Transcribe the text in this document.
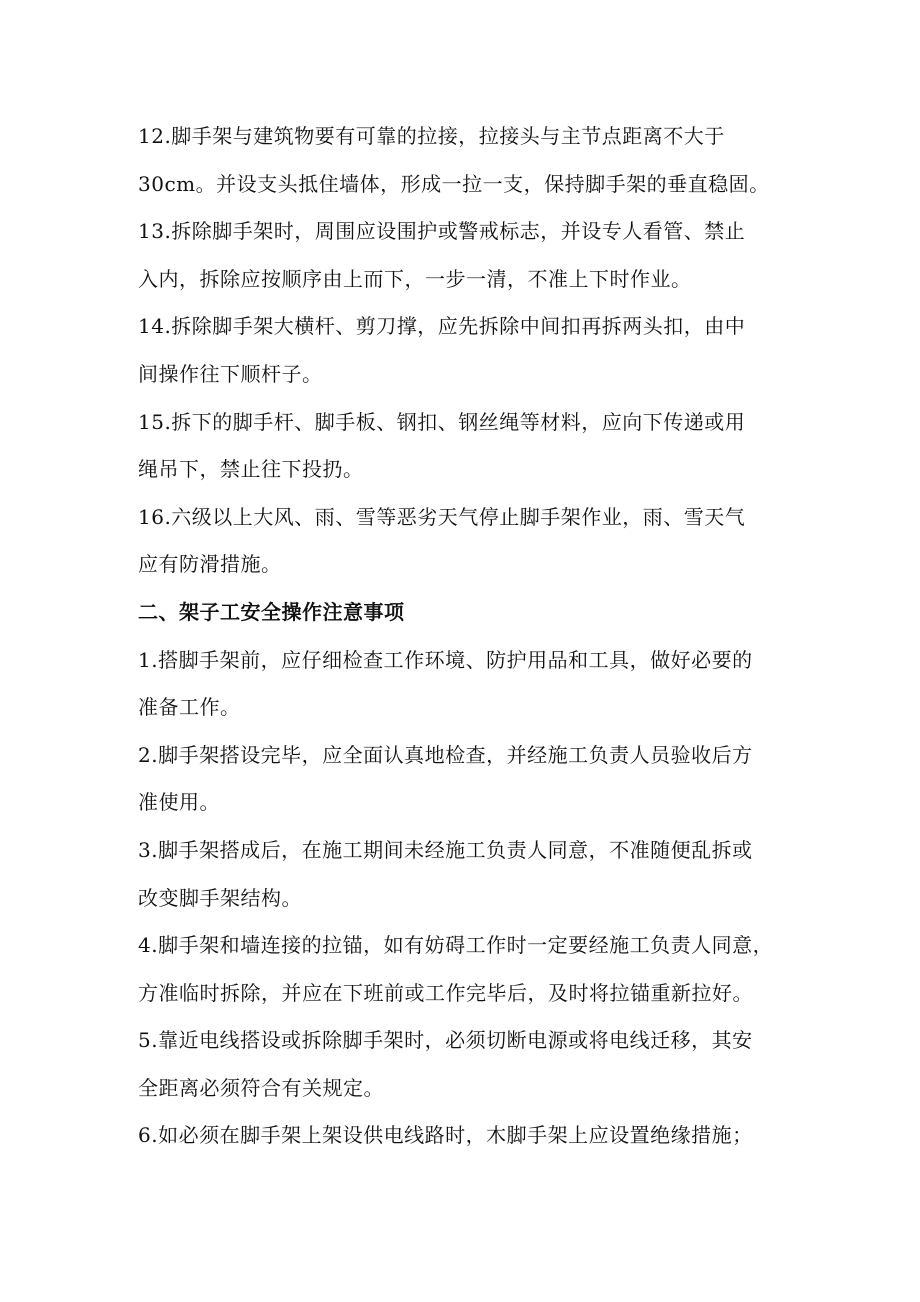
12.脚手架与建筑物要有可靠的拉接，拉接头与主节点距离不大于
30cm。并设支头抵住墙体，形成一拉一支，保持脚手架的垂直稳固。
13.拆除脚手架时，周围应设围护或警戒标志，并设专人看管、禁止
入内，拆除应按顺序由上而下，一步一清，不准上下时作业。
14.拆除脚手架大横杆、剪刀撑，应先拆除中间扣再拆两头扣，由中
间操作往下顺杆子。
15.拆下的脚手杆、脚手板、钢扣、钢丝绳等材料，应向下传递或用
绳吊下，禁止往下投扔。
16.六级以上大风、雨、雪等恶劣天气停止脚手架作业，雨、雪天气
应有防滑措施。
二、架子工安全操作注意事项
1.搭脚手架前，应仔细检查工作环境、防护用品和工具，做好必要的
准备工作。
2.脚手架搭设完毕，应全面认真地检查，并经施工负责人员验收后方
准使用。
3.脚手架搭成后，在施工期间未经施工负责人同意，不准随便乱拆或
改变脚手架结构。
4.脚手架和墙连接的拉锚，如有妨碍工作时一定要经施工负责人同意，
方准临时拆除，并应在下班前或工作完毕后，及时将拉锚重新拉好。
5.靠近电线搭设或拆除脚手架时，必须切断电源或将电线迁移，其安
全距离必须符合有关规定。
6.如必须在脚手架上架设供电线路时，木脚手架上应设置绝缘措施；
